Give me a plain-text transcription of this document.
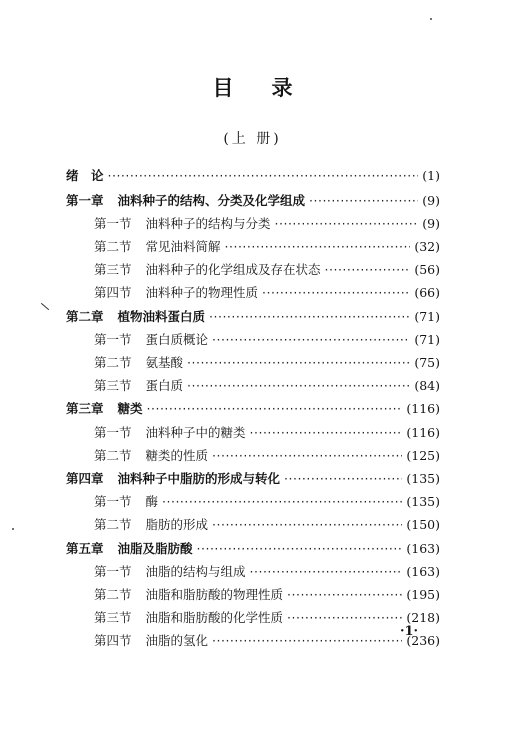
目录
(上 册)
绪　论 ·····	(1)
第一章 油料种子的结构、分类及化学组成 ·····	(9)
第一节 油料种子的结构与分类 ·····	(9)
第二节 常见油料简解 ·····	(32)
第三节 油料种子的化学组成及存在状态 ·····	(56)
第四节 油料种子的物理性质 ·····	(66)
第二章 植物油料蛋白质 ·····	(71)
第一节 蛋白质概论 ·····	(71)
第二节 氨基酸 ·····	(75)
第三节 蛋白质 ·····	(84)
第三章 糖类 ·····	(116)
第一节 油料种子中的糖类 ·····	(116)
第二节 糖类的性质 ·····	(125)
第四章 油料种子中脂肪的形成与转化 ·····	(135)
第一节 酶 ·····	(135)
第二节 脂肪的形成 ·····	(150)
第五章 油脂及脂肪酸 ·····	(163)
第一节 油脂的结构与组成 ·····	(163)
第二节 油脂和脂肪酸的物理性质 ·····	(195)
第三节 油脂和脂肪酸的化学性质 ·····	(218)
第四节 油脂的氢化 ·····	(236)
·1·
